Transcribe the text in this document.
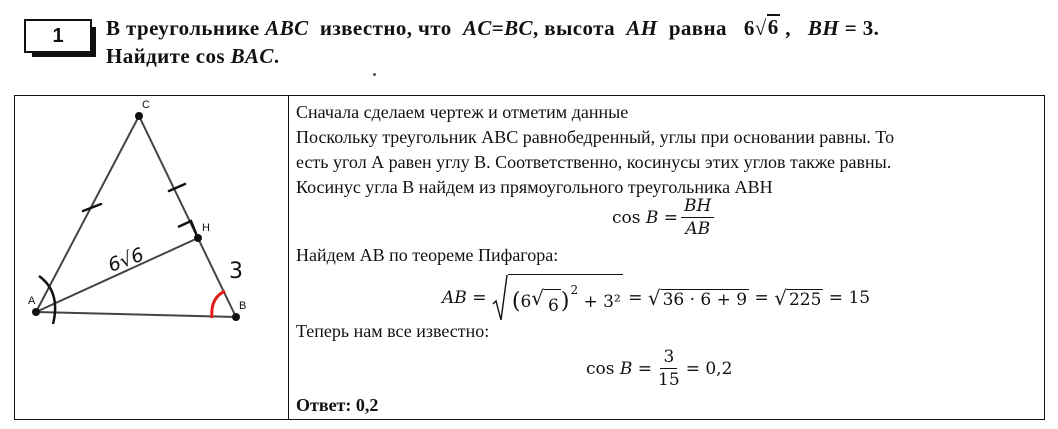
1 В треугольнике ABC известно, что AC=BC, высота AH равна 6 √ 6 , BH = 3.
Найдите cos BAC.
A
C
B
H
6√6	3

Сначала сделаем чертеж и отметим данные

Поскольку треугольник ABC равнобедренный, углы при основании равны. То

есть угол А равен углу В. Соответственно, косинусы этих углов также равны.

Косинус угла В найдем из прямоугольного треугольника ABH

cos
B
= $\frac{BH}{AB}$
Найдем AB по теореме Пифагора:
AB
=
( 6 √ 6 ) 2

+
3²
=
√ 36 · 6 + 9
=
√ 225
=
15
Теперь нам все известно:
cos
B
= $\frac{3}{15}$ =
0,2
Ответ: 0,2
